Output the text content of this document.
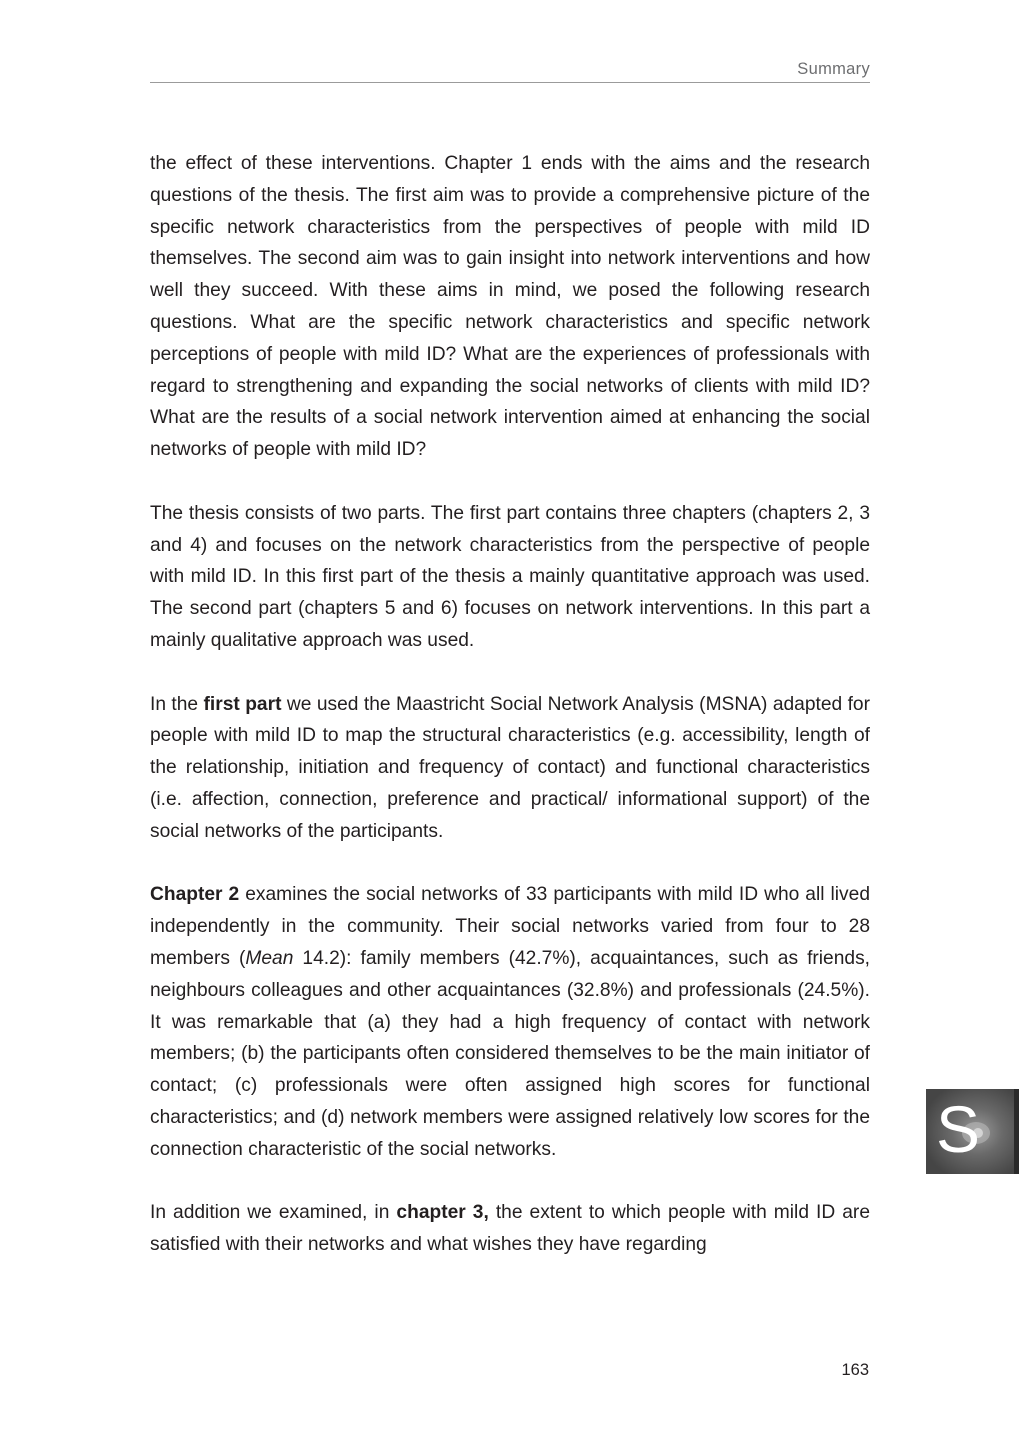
Summary

the effect of these interventions. Chapter 1 ends with the aims and the research questions of the thesis. The first aim was to provide a comprehensive picture of the specific network characteristics from the perspectives of people with mild ID themselves. The second aim was to gain insight into network interventions and how well they succeed. With these aims in mind, we posed the following research questions. What are the specific network characteristics and specific network perceptions of people with mild ID? What are the experiences of professionals with regard to strengthening and expanding the social networks of clients with mild ID? What are the results of a social network intervention aimed at enhancing the social networks of people with mild ID?

The thesis consists of two parts. The first part contains three chapters (chapters 2, 3 and 4) and focuses on the network characteristics from the perspective of people with mild ID. In this first part of the thesis a mainly quantitative approach was used. The second part (chapters 5 and 6) focuses on network interventions. In this part a mainly qualitative approach was used.

In the first part we used the Maastricht Social Network Analysis (MSNA) adapted for people with mild ID to map the structural characteristics (e.g. accessibility, length of the relationship, initiation and frequency of contact) and functional characteristics (i.e. affection, connection, preference and practical/ informational support) of the social networks of the participants.

Chapter 2 examines the social networks of 33 participants with mild ID who all lived independently in the community. Their social networks varied from four to 28 members (Mean 14.2): family members (42.7%), acquaintances, such as friends, neighbours colleagues and other acquaintances (32.8%) and professionals (24.5%). It was remarkable that (a) they had a high frequency of contact with network members; (b) the participants often considered themselves to be the main initiator of contact; (c) professionals were often assigned high scores for functional characteristics; and (d) network members were assigned relatively low scores for the connection characteristic of the social networks.

In addition we examined, in chapter 3, the extent to which people with mild ID are satisfied with their networks and what wishes they have regarding

S
163
